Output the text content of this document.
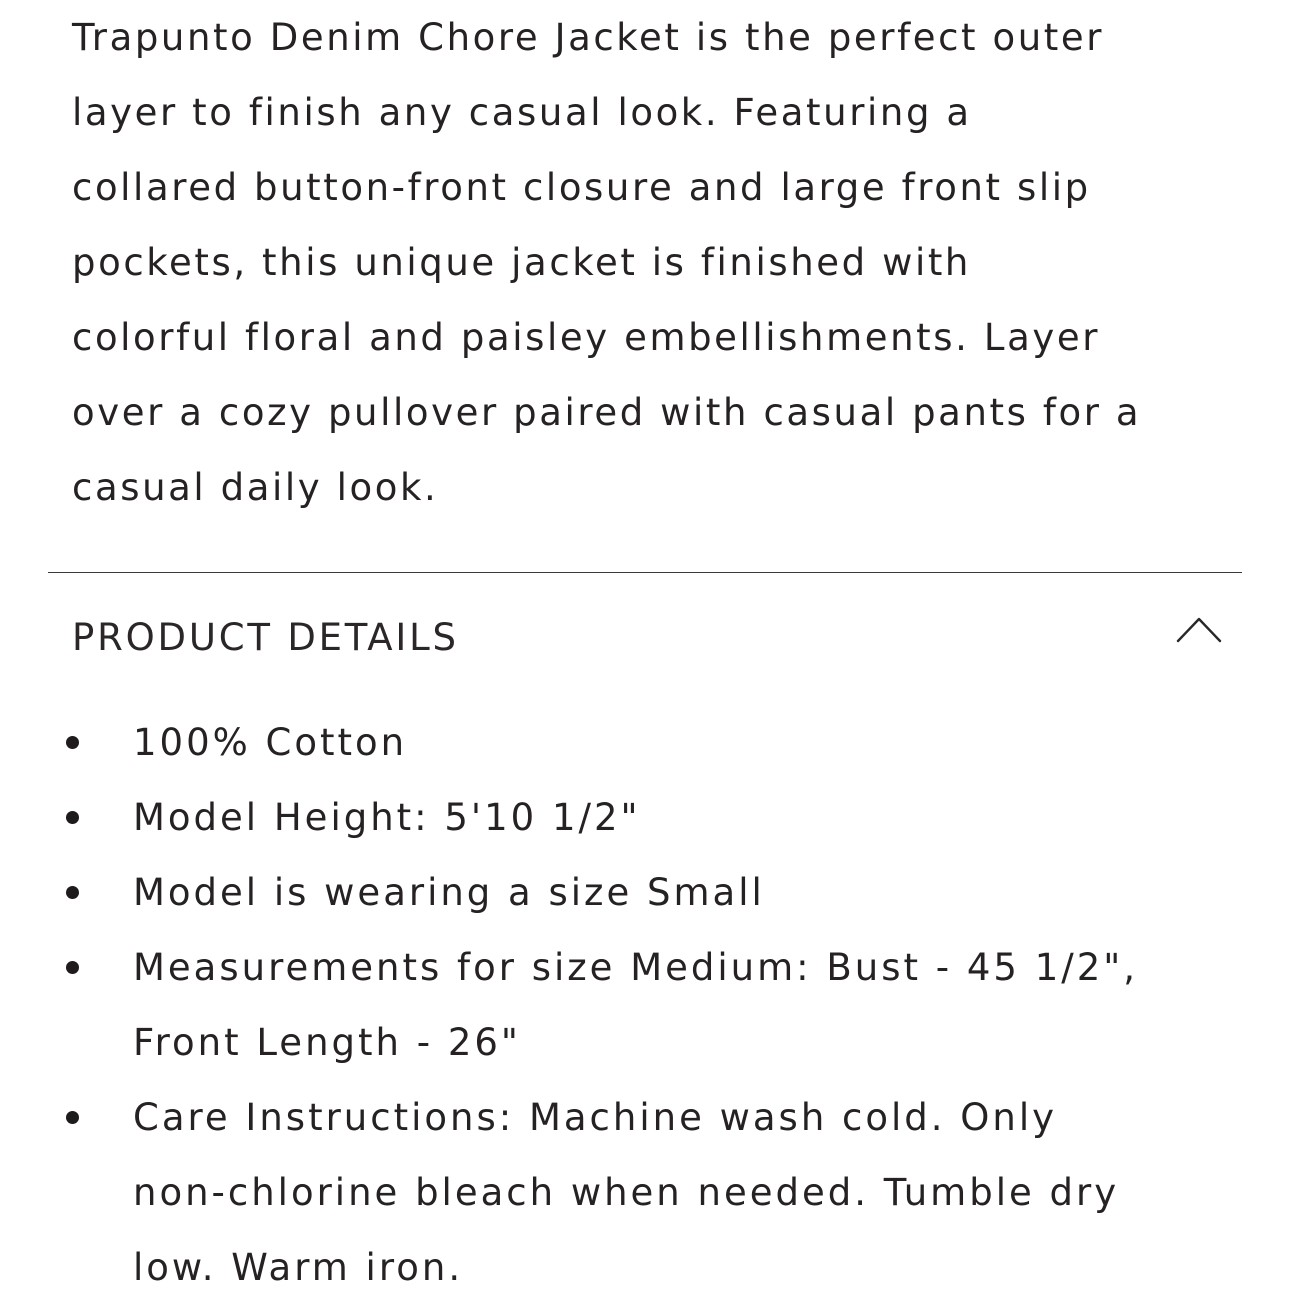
Trapunto Denim Chore Jacket is the perfect outer
layer to finish any casual look. Featuring a
collared button-front closure and large front slip
pockets, this unique jacket is finished with
colorful floral and paisley embellishments. Layer
over a cozy pullover paired with casual pants for a
casual daily look.

PRODUCT DETAILS
100% Cotton
Model Height: 5'10 1/2"
Model is wearing a size Small
Measurements for size Medium: Bust - 45 1/2",
Front Length - 26"
Care Instructions: Machine wash cold. Only
non-chlorine bleach when needed. Tumble dry
low. Warm iron.
